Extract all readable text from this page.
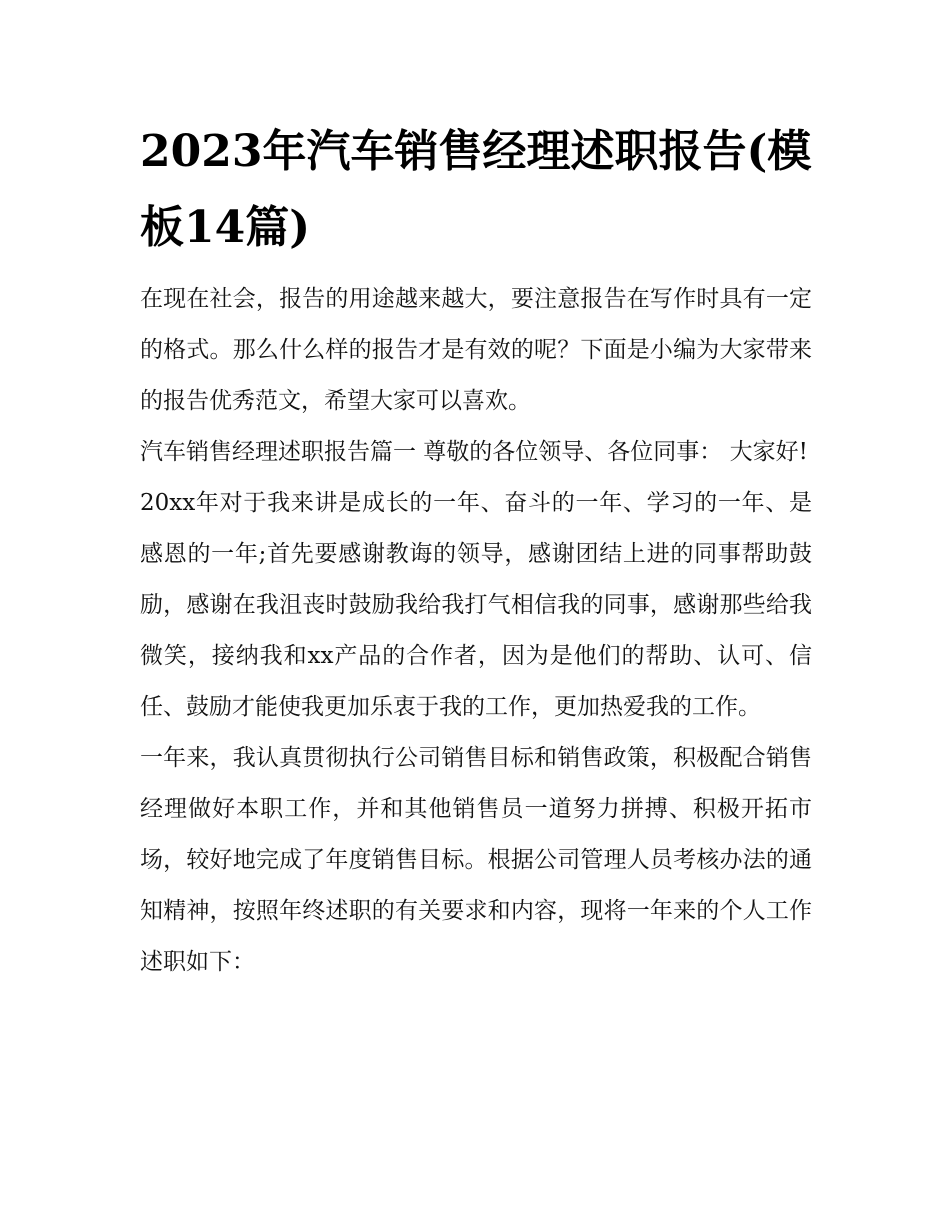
2023年汽车销售经理述职报告(模板14篇)

在现在社会，报告的用途越来越大，要注意报告在写作时具有一定的格式。那么什么样的报告才是有效的呢？下面是小编为大家带来的报告优秀范文，希望大家可以喜欢。

汽车销售经理述职报告篇一 尊敬的各位领导、各位同事： 大家好!

20xx年对于我来讲是成长的一年、奋斗的一年、学习的一年、是感恩的一年;首先要感谢教诲的领导，感谢团结上进的同事帮助鼓励，感谢在我沮丧时鼓励我给我打气相信我的同事，感谢那些给我微笑，接纳我和xx产品的合作者，因为是他们的帮助、认可、信任、鼓励才能使我更加乐衷于我的工作，更加热爱我的工作。

一年来，我认真贯彻执行公司销售目标和销售政策，积极配合销售经理做好本职工作，并和其他销售员一道努力拼搏、积极开拓市场，较好地完成了年度销售目标。根据公司管理人员考核办法的通知精神，按照年终述职的有关要求和内容，现将一年来的个人工作述职如下：
